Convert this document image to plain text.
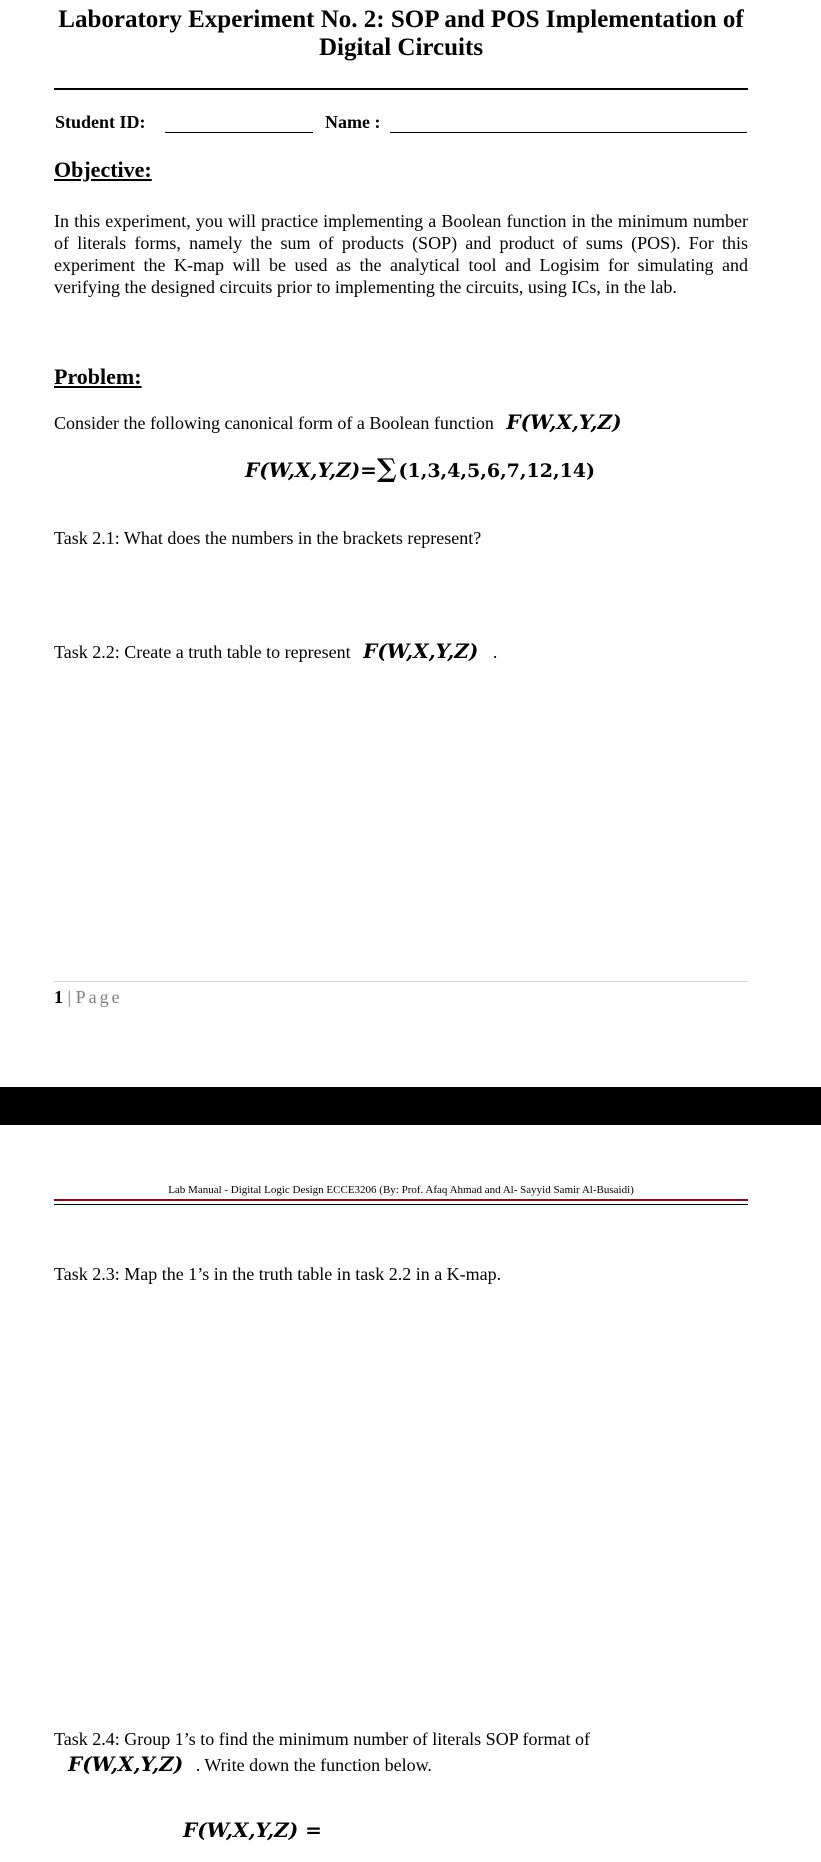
Laboratory Experiment No. 2: SOP and POS Implementation of Digital Circuits
Student ID:	Name :
Objective:
In this experiment, you will practice implementing a Boolean function in the minimum number of literals forms, namely the sum of products (SOP) and product of sums (POS). For this experiment the K-map will be used as the analytical tool and Logisim for simulating and verifying the designed circuits prior to implementing the circuits, using ICs, in the lab.
Problem:
Consider the following canonical form of a Boolean function F(W,X,Y,Z)
F(W,X,Y,Z)=∑ (1,3,4,5,6,7,12,14)
Task 2.1: What does the numbers in the brackets represent?
Task 2.2: Create a truth table to represent F(W,X,Y,Z) .
1 | Page
Lab Manual - Digital Logic Design ECCE3206 (By: Prof. Afaq Ahmad and Al- Sayyid Samir Al-Busaidi)
Task 2.3: Map the 1’s in the truth table in task 2.2 in a K-map.
Task 2.4: Group 1’s to find the minimum number of literals SOP format of
F(W,X,Y,Z) . Write down the function below.
F(W,X,Y,Z) =
